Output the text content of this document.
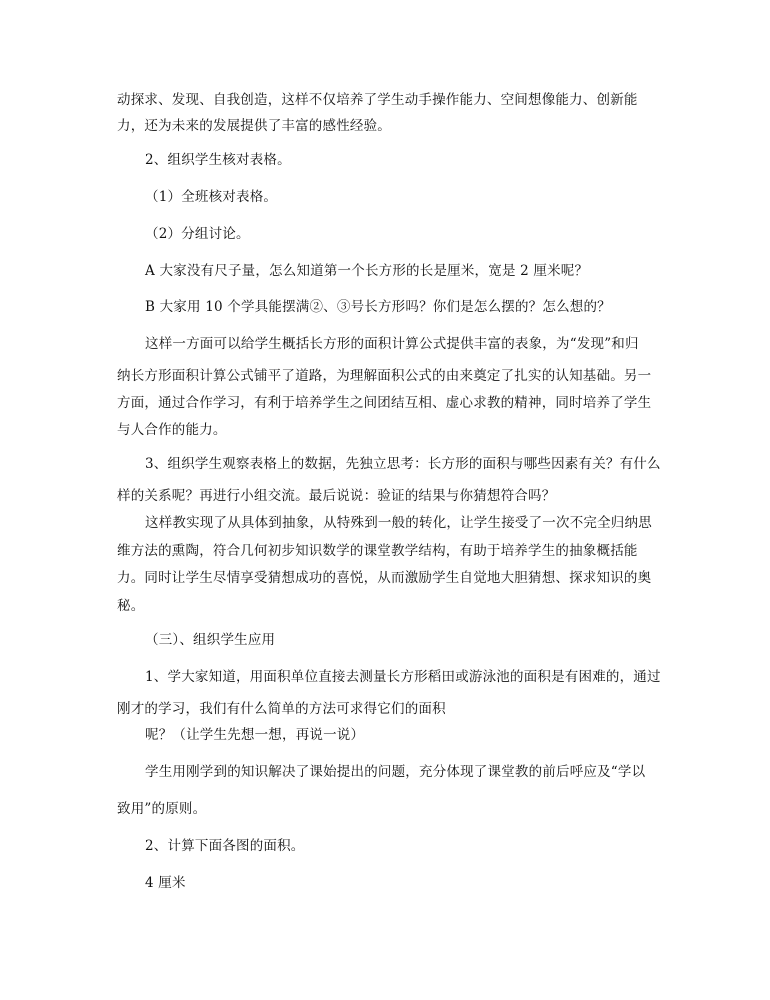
动探求、发现、自我创造，这样不仅培养了学生动手操作能力、空间想像能力、创新能
力，还为未来的发展提供了丰富的感性经验。
2、组织学生核对表格。
（1）全班核对表格。
（2）分组讨论。
A 大家没有尺子量，怎么知道第一个长方形的长是厘米，宽是 2 厘米呢？
B 大家用 10 个学具能摆满②、③号长方形吗？你们是怎么摆的？怎么想的？
这样一方面可以给学生概括长方形的面积计算公式提供丰富的表象，为“发现”和归
纳长方形面积计算公式铺平了道路，为理解面积公式的由来奠定了扎实的认知基础。另一
方面，通过合作学习，有利于培养学生之间团结互相、虚心求教的精神，同时培养了学生
与人合作的能力。
3、组织学生观察表格上的数据，先独立思考：长方形的面积与哪些因素有关？有什么
样的关系呢？再进行小组交流。最后说说：验证的结果与你猜想符合吗？
这样教实现了从具体到抽象，从特殊到一般的转化，让学生接受了一次不完全归纳思
维方法的熏陶，符合几何初步知识数学的课堂教学结构，有助于培养学生的抽象概括能
力。同时让学生尽情享受猜想成功的喜悦，从而激励学生自觉地大胆猜想、探求知识的奥
秘。
（三）、组织学生应用
1、学大家知道，用面积单位直接去测量长方形稻田或游泳池的面积是有困难的，通过
刚才的学习，我们有什么简单的方法可求得它们的面积
呢？（让学生先想一想，再说一说）
学生用刚学到的知识解决了课始提出的问题，充分体现了课堂教的前后呼应及“学以
致用”的原则。
2、计算下面各图的面积。
4 厘米
